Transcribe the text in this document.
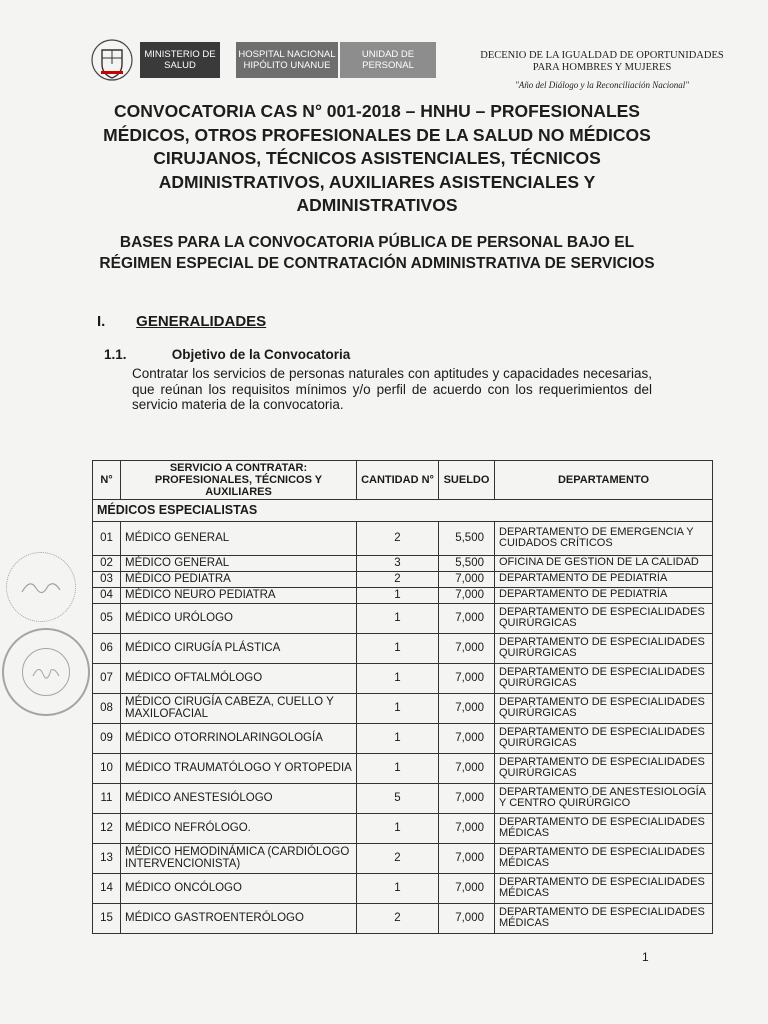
MINISTERIO DE SALUD
HOSPITAL NACIONAL HIPÓLITO UNANUE
UNIDAD DE PERSONAL
DECENIO DE LA IGUALDAD DE OPORTUNIDADES
PARA HOMBRES Y MUJERES
"Año del Diálogo y la Reconciliación Nacional"
CONVOCATORIA CAS N° 001-2018 – HNHU – PROFESIONALES MÉDICOS, OTROS PROFESIONALES DE LA SALUD NO MÉDICOS CIRUJANOS, TÉCNICOS ASISTENCIALES, TÉCNICOS ADMINISTRATIVOS, AUXILIARES ASISTENCIALES Y ADMINISTRATIVOS
BASES PARA LA CONVOCATORIA PÚBLICA DE PERSONAL BAJO EL RÉGIMEN ESPECIAL DE CONTRATACIÓN ADMINISTRATIVA DE SERVICIOS
I. GENERALIDADES
1.1.	Objetivo de la Convocatoria
Contratar los servicios de personas naturales con aptitudes y capacidades necesarias, que reúnan los requisitos mínimos y/o perfil de acuerdo con los requerimientos del servicio materia de la convocatoria.
N°	SERVICIO A CONTRATAR: PROFESIONALES, TÉCNICOS Y AUXILIARES	CANTIDAD N°	SUELDO	DEPARTAMENTO
MÉDICOS ESPECIALISTAS				
01	MÉDICO GENERAL	2	5,500	DEPARTAMENTO DE EMERGENCIA Y CUIDADOS CRÍTICOS
02	MÉDICO GENERAL	3	5,500	OFICINA DE GESTION DE LA CALIDAD
03	MÉDICO PEDIATRA	2	7,000	DEPARTAMENTO DE PEDIATRÍA
04	MÉDICO NEURO PEDIATRA	1	7,000	DEPARTAMENTO DE PEDIATRÍA
05	MÉDICO URÓLOGO	1	7,000	DEPARTAMENTO DE ESPECIALIDADES QUIRÚRGICAS
06	MÉDICO CIRUGÍA PLÁSTICA	1	7,000	DEPARTAMENTO DE ESPECIALIDADES QUIRÚRGICAS
07	MÉDICO OFTALMÓLOGO	1	7,000	DEPARTAMENTO DE ESPECIALIDADES QUIRÚRGICAS
08	MÉDICO CIRUGÍA CABEZA, CUELLO Y MAXILOFACIAL	1	7,000	DEPARTAMENTO DE ESPECIALIDADES QUIRÚRGICAS
09	MÉDICO OTORRINOLARINGOLOGÍA	1	7,000	DEPARTAMENTO DE ESPECIALIDADES QUIRÚRGICAS
10	MÉDICO TRAUMATÓLOGO Y ORTOPEDIA	1	7,000	DEPARTAMENTO DE ESPECIALIDADES QUIRÚRGICAS
11	MÉDICO ANESTESIÓLOGO	5	7,000	DEPARTAMENTO DE ANESTESIOLOGÍA Y CENTRO QUIRÚRGICO
12	MÉDICO NEFRÓLOGO.	1	7,000	DEPARTAMENTO DE ESPECIALIDADES MÉDICAS
13	MÉDICO HEMODINÁMICA (CARDIÓLOGO INTERVENCIONISTA)	2	7,000	DEPARTAMENTO DE ESPECIALIDADES MÉDICAS
14	MÉDICO ONCÓLOGO	1	7,000	DEPARTAMENTO DE ESPECIALIDADES MÉDICAS
15	MÉDICO GASTROENTERÓLOGO	2	7,000	DEPARTAMENTO DE ESPECIALIDADES MÉDICAS
1
